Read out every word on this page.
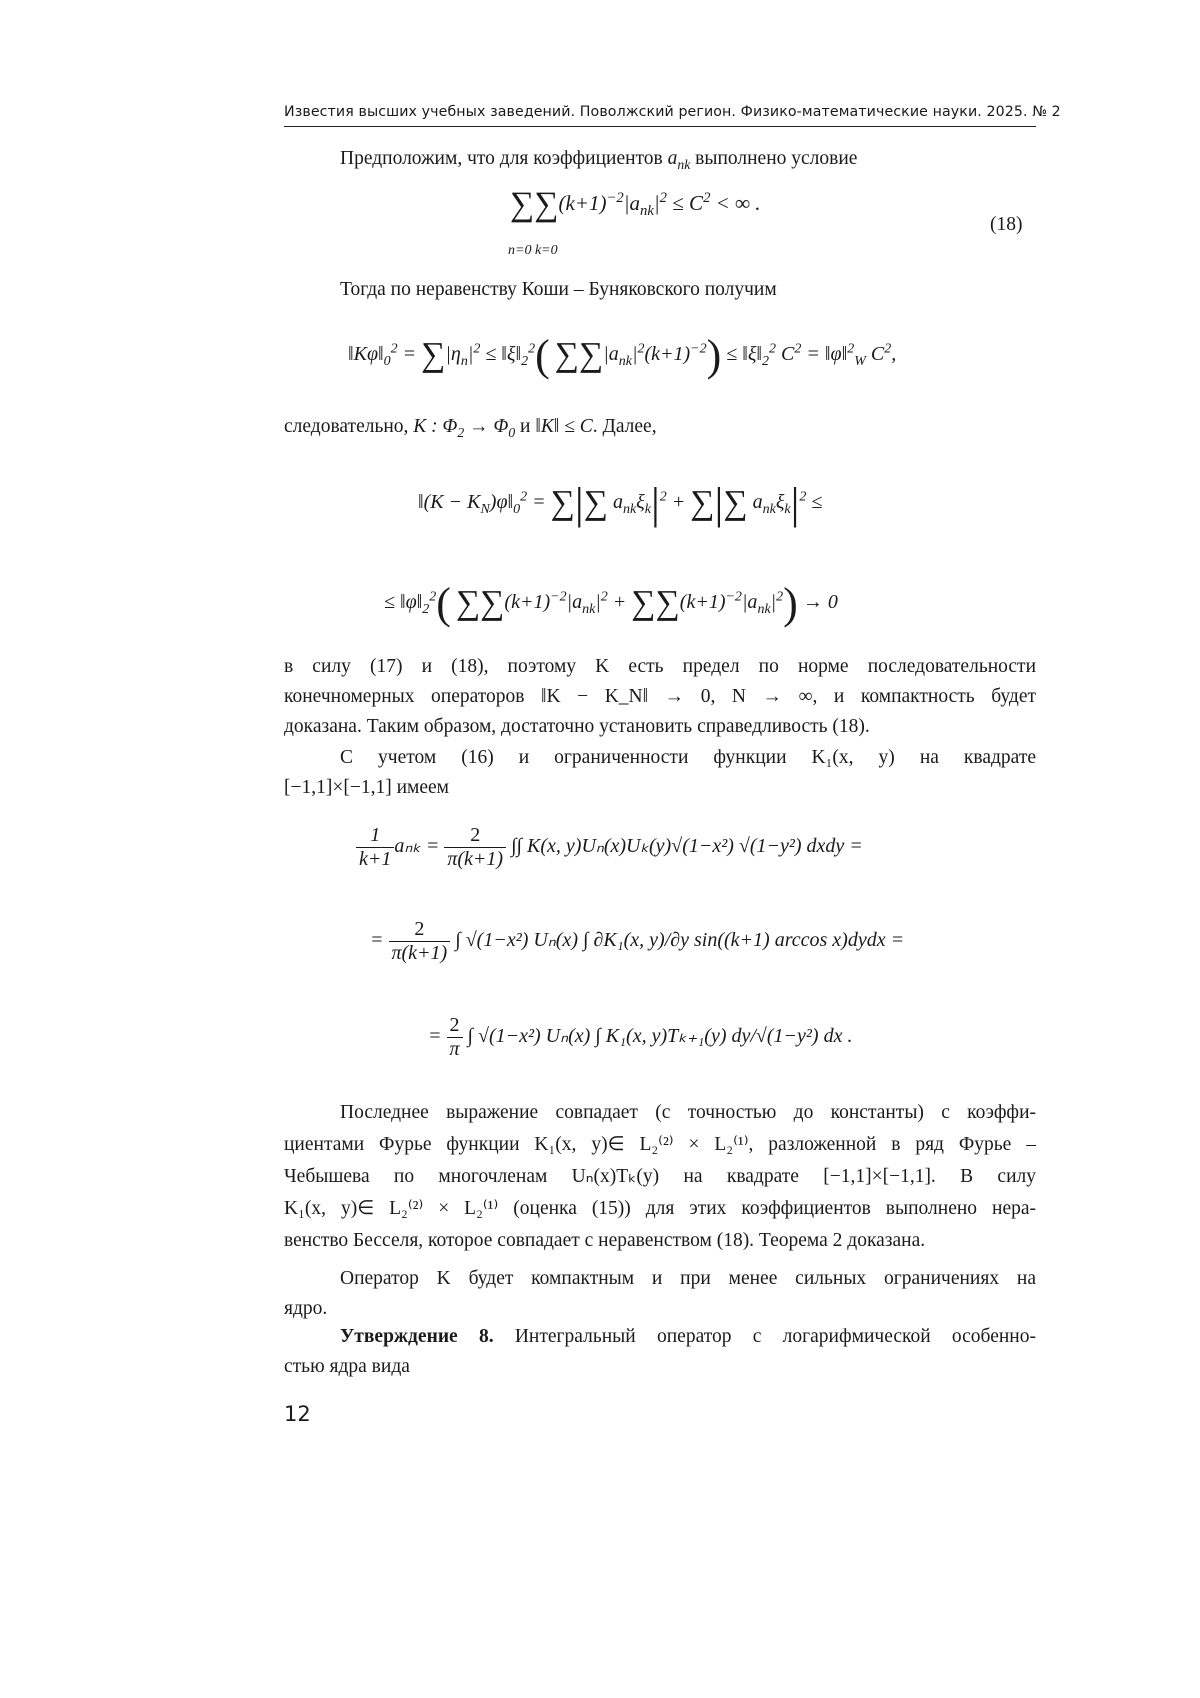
Известия высших учебных заведений. Поволжский регион. Физико-математические науки. 2025. № 2
Предположим, что для коэффициентов $a_{nk}$ выполнено условие
$\sum\sum(k+1)^{-2}|a_{nk}|^2 \le C^2$ < ∞ .
n=0 k=0
(18)
Тогда по неравенству Коши – Буняковского получим
$‖K\varphi‖_0^2 = \sum|\eta_n|^2$ ≤ $‖\xi‖_2^2$( $\sum\sum|a_{nk}|^2(k+1)^{-2}$) ≤ $‖\xi‖_2^2$ $C^2$ = ‖φ‖$^2_W$ $C^2$,
следовательно, K : $\Phi_2 \to \Phi_0$ и ‖K‖ ≤ C. Далее,
‖(K − $K_N)\varphi‖_0^2$ = ∑|∑ $a_{nk}\xi_k|^2$ + ∑|∑ $a_{nk}\xi_k|^2$ ≤
≤ $‖\varphi‖_2^2$( $\sum\sum(k+1)^{-2}|a_{nk}|^2 + \sum\sum(k+1)^{-2}|a_{nk}|^2) \to 0$
в силу (17) и (18), поэтому K есть предел по норме последовательности
конечномерных операторов ‖K − K_N‖ → 0, N → ∞, и компактность будет
доказана. Таким образом, достаточно установить справедливость (18).
С учетом (16) и ограниченности функции K₁(x, y) на квадрате
[−1,1]×[−1,1] имеем
$\frac{1}{k+1}$ $a_{nk} = \frac{2}{\pi(k+1)}$ ∫∫ K(x, y)Uₙ(x)Uₖ(y)√(1−x²) √(1−y²) dxdy =
= $\frac{2}{\pi(k+1)}$ ∫ √(1−x²) Uₙ(x) ∫ ∂K₁(x, y)/∂y sin((k+1) arccos x)dydx =
= $\frac{2}{\pi}$ ∫ √(1−x²) Uₙ(x) ∫ K₁(x, y)Tₖ₊₁(y) dy/√(1−y²) dx .
Последнее выражение совпадает (с точностью до константы) с коэффи-
циентами Фурье функции K₁(x, y)∈ L₂⁽²⁾ × L₂⁽¹⁾, разложенной в ряд Фурье –
Чебышева по многочленам Uₙ(x)Tₖ(y) на квадрате [−1,1]×[−1,1]. В силу
K₁(x, y)∈ L₂⁽²⁾ × L₂⁽¹⁾ (оценка (15)) для этих коэффициентов выполнено нера-
венство Бесселя, которое совпадает с неравенством (18). Теорема 2 доказана.
Оператор K будет компактным и при менее сильных ограничениях на
ядро.
Утверждение 8. Интегральный оператор с логарифмической особенно-
стью ядра вида
12
